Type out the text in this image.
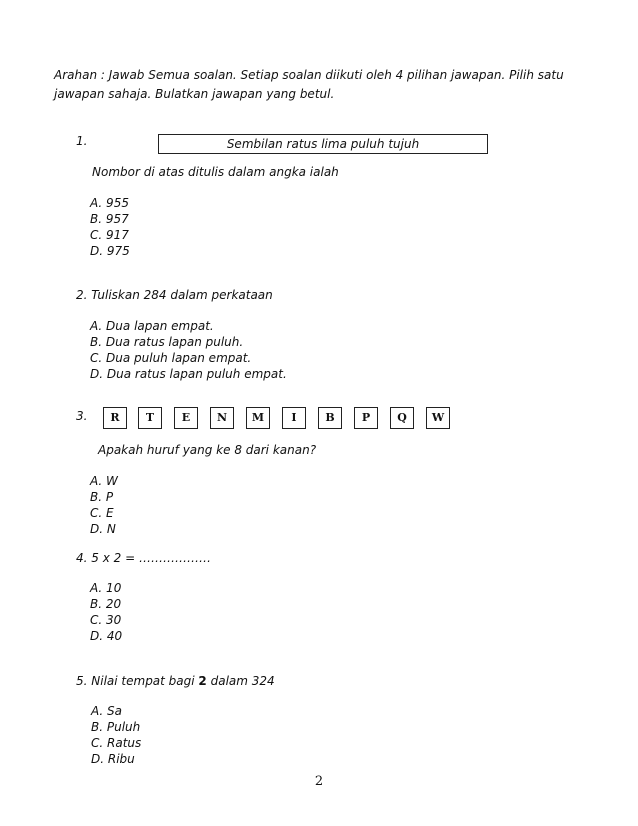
Arahan : Jawab Semua soalan. Setiap soalan diikuti oleh 4 pilihan jawapan. Pilih satu jawapan sahaja. Bulatkan jawapan yang betul.
1.	Sembilan ratus lima puluh tujuh
Nombor di atas ditulis dalam angka ialah
A. 955
B. 957
C. 917
D. 975
2. Tuliskan 284 dalam perkataan
A. Dua lapan empat.
B. Dua ratus lapan puluh.
C. Dua puluh lapan empat.
D. Dua ratus lapan puluh empat.
3.	R	T	E	N	M	I	B	P	Q	W
Apakah huruf yang ke 8 dari kanan?
A. W
B. P
C. E
D. N
4. 5 x 2 = ………………
A. 10
B. 20
C. 30
D. 40
5. Nilai tempat bagi 2 dalam 324
A. Sa
B. Puluh
C. Ratus
D. Ribu
2
